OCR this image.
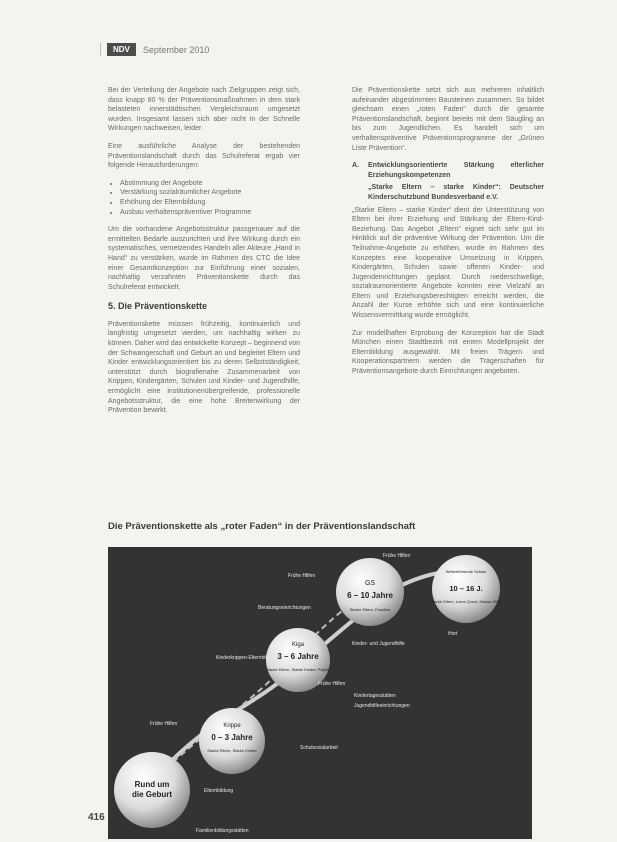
NDV	September 2010

Bei der Verteilung der Angebote nach Zielgruppen zeigt sich, dass knapp 80 % der Präventionsmaßnahmen in dem stark belasteten innerstädtischen Vergleichsraum umgesetzt wurden. Insgesamt lassen sich aber nicht in der Schnelle Wirkungen nachweisen, leider.

Eine ausführliche Analyse der bestehenden Präventionslandschaft durch das Schulreferat ergab vier folgende Herausforderungen:

• Abstimmung der Angebote
• Verstärkung sozialräumlicher Angebote
• Erhöhung der Elternbildung
• Ausbau verhaltenspräventiver Programme

Um die vorhandene Angebotsstruktur passgenauer auf die ermittelten Bedarfe auszurichten und ihre Wirkung durch ein systematisches, vernetzendes Handeln aller Akteure „Hand in Hand“ zu verstärken, wurde im Rahmen des CTC die Idee einer Gesamtkonzeption zur Einführung einer sozialen, nachhaltig verzahnten Präventionskette durch das Schulreferat entwickelt.

5. Die Präventionskette

Präventionskette müssen frühzeitig, kontinuierlich und langfristig umgesetzt werden, um nachhaltig wirken zu können. Daher wird das entwickelte Konzept – beginnend von der Schwangerschaft und Geburt an und begleitet Eltern und Kinder entwicklungsorientiert bis zu deren Selbstständigkeit, unterstützt durch biografienahe Zusammenarbeit von Krippen, Kindergärten, Schulen und Kinder- und Jugendhilfe, ermöglicht eine institutionenübergreifende, professionelle Angebotsstruktur, die eine hohe Breitenwirkung der Prävention bewirkt.

Die Präventionskette setzt sich aus mehreren inhaltlich aufeinander abgestimmten Bausteinen zusammen. So bildet gleichsam einen „roten Faden“ durch die gesamte Präventionslandschaft, beginnt bereits mit dem Säugling an bis zum Jugendlichen. Es handelt sich um verhaltenspräventive Präventionsprogramme der „Grünen Liste Prävention“.

A.	Entwicklungsorientierte Stärkung elterlicher Erziehungskompetenzen
„Starke Eltern – starke Kinder“: Deutscher Kinderschutzbund Bundesverband e.V.

„Starke Eltern – starke Kinder“ dient der Unterstützung von Eltern bei ihrer Erziehung und Stärkung der Eltern-Kind-Beziehung. Das Angebot „Eltern“ eignet sich sehr gut im Hinblick auf die präventive Wirkung der Prävention. Um die Teilnahme-Angebote zu erhöhen, wurde im Rahmen des Konzeptes eine kooperative Umsetzung in Krippen, Kindergärten, Schulen sowie offenen Kinder- und Jugendeinrichtungen geplant. Durch niederschwellige, sozialraumorientierte Angebote konnten eine Vielzahl an Eltern und Erziehungsberechtigten erreicht werden, die Anzahl der Kurse erhöhte sich und eine kontinuierliche Wissensvermittlung wurde ermöglicht.

Zur modellhaften Erprobung der Konzeption hat die Stadt München einen Stadtbezirk mit einem Modellprojekt der Elternbildung ausgewählt. Mit freien Trägern und Kooperationspartnern werden die Trägerschaften für Präventionsangebote durch Einrichtungen angeboten.

Die Präventionskette als „roter Faden“ in der Präventionslandschaft
Rund um
die Geburt
Krippe
0 – 3 Jahre
Starke Eltern, Starke Kinder
Kiga
3 – 6 Jahre
Starke Eltern, Starke Kinder, Papilio
GS
6 – 10 Jahre
Starke Eltern, Faustlos
Weiterführende Schule
10 – 16 J.
Starke Eltern, Lions Quest, Klasse 2000
Frühe Hilfen
Frühe Hilfen
Kinderkrippen-Elternbildung
Beratungseinrichtungen
Elternbildung
Frühe Hilfen
Kindertagesstätten
Jugendhilfeeinrichtungen
Kinder- und Jugendhilfe
Hort
Schulsozialarbeit
Frühe Hilfen
Familienbildungsstätten
416
